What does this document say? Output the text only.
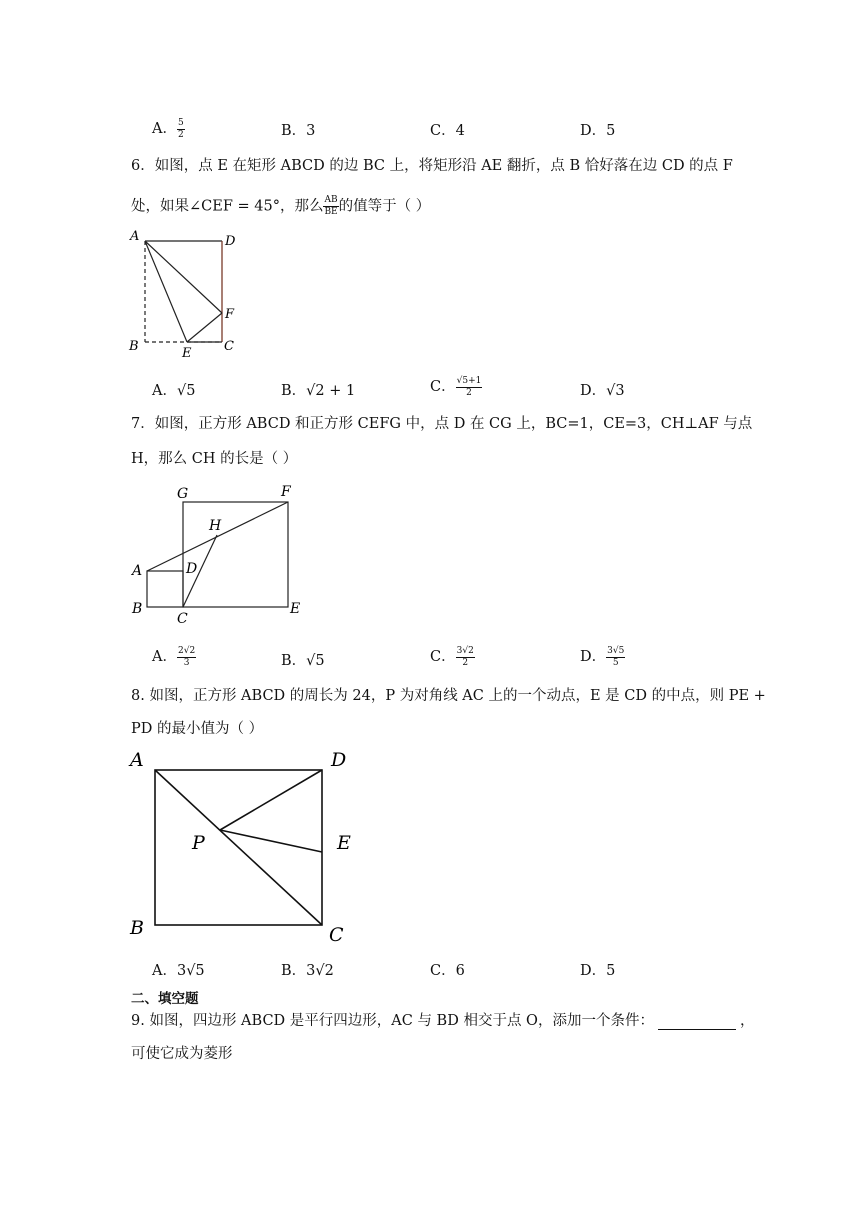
A． $\frac{5}{2}$	B．3	C．4	D．5
6．如图，点 E 在矩形 ABCD 的边 BC 上，将矩形沿 AE 翻折，点 B 恰好落在边 CD 的点 F
处，如果∠CEF = 45°，那么 $\frac{AB}{BE}$ 的值等于（ ）
A	D
F
B	E	C
A．√5	B．√2 + 1	C． $\frac{√5+1}{2}$	D．√3
7．如图，正方形 ABCD 和正方形 CEFG 中，点 D 在 CG 上，BC=1，CE=3，CH⊥AF 与点
H，那么 CH 的长是（ ）
G	F
H
A	D
B
C
E
A． $\frac{2√2}{3}$	B．√5	C． $\frac{3√2}{2}$	D． $\frac{3√5}{5}$
8. 如图，正方形 ABCD 的周长为 24，P 为对角线 AC 上的一个动点，E 是 CD 的中点，则 PE +
PD 的最小值为（ ）
A	D
P	E
B	C
A．3√5	B．3√2	C．6	D．5
二、填空题
9. 如图，四边形 ABCD 是平行四边形，AC 与 BD 相交于点 O，添加一个条件：	，
可使它成为菱形
